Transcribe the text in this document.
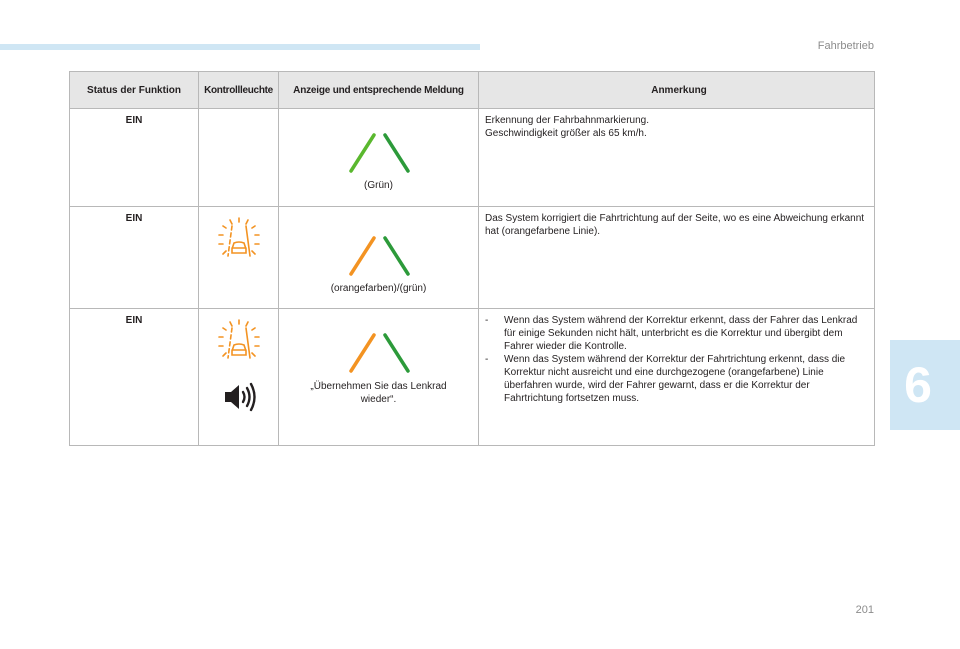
Fahrbetrieb
Status der Funktion	Kontrollleuchte	Anzeige und entsprechende Meldung	Anmerkung
EIN		(Grün)	Erkennung der Fahrbahnmarkierung.

Geschwindigkeit größer als 65 km/h.

EIN		(orangefarben)/(grün)	Das System korrigiert die Fahrtrichtung auf der Seite, wo es eine Abweichung erkannt hat (orangefarbene Linie).

EIN		„Übernehmen Sie das Lenkrad wieder“.	- Wenn das System während der Korrektur erkennt, dass der Fahrer das Lenkrad für einige Sekunden nicht hält, unterbricht es die Korrektur und übergibt dem Fahrer wieder die Kontrolle.
- Wenn das System während der Korrektur der Fahrtrichtung erkennt, dass die Korrektur nicht ausreicht und eine durchgezogene (orangefarbene) Linie überfahren wurde, wird der Fahrer gewarnt, dass er die Korrektur der Fahrtrichtung fortsetzen muss.	6
201
